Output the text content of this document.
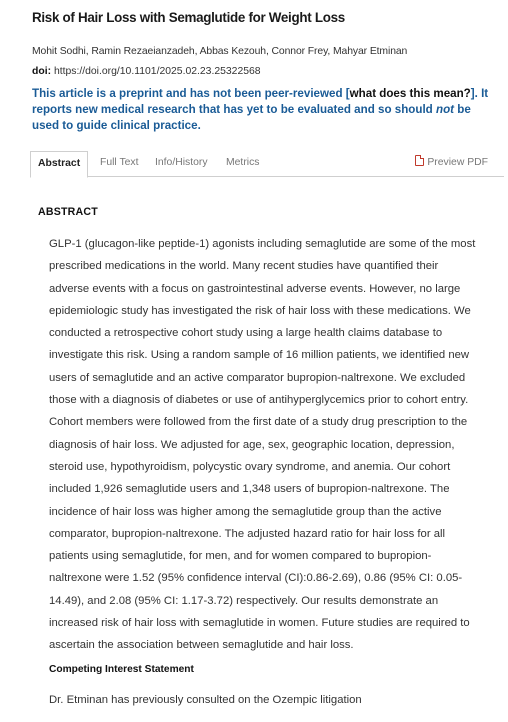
Risk of Hair Loss with Semaglutide for Weight Loss
Mohit Sodhi, Ramin Rezaeianzadeh, Abbas Kezouh, Connor Frey, Mahyar Etminan
doi: https://doi.org/10.1101/2025.02.23.25322568
This article is a preprint and has not been peer-reviewed [what does this mean?]. It reports new medical research that has yet to be evaluated and so should not be used to guide clinical practice.
Abstract	Full Text Info/History Metrics	Preview PDF
ABSTRACT
GLP-1 (glucagon-like peptide-1) agonists including semaglutide are some of the most
prescribed medications in the world. Many recent studies have quantified their
adverse events with a focus on gastrointestinal adverse events. However, no large
epidemiologic study has investigated the risk of hair loss with these medications. We
conducted a retrospective cohort study using a large health claims database to
investigate this risk. Using a random sample of 16 million patients, we identified new
users of semaglutide and an active comparator bupropion-naltrexone. We excluded
those with a diagnosis of diabetes or use of antihyperglycemics prior to cohort entry.
Cohort members were followed from the first date of a study drug prescription to the
diagnosis of hair loss. We adjusted for age, sex, geographic location, depression,
steroid use, hypothyroidism, polycystic ovary syndrome, and anemia. Our cohort
included 1,926 semaglutide users and 1,348 users of bupropion-naltrexone. The
incidence of hair loss was higher among the semaglutide group than the active
comparator, bupropion-naltrexone. The adjusted hazard ratio for hair loss for all
patients using semaglutide, for men, and for women compared to bupropion-
naltrexone were 1.52 (95% confidence interval (CI):0.86-2.69), 0.86 (95% CI: 0.05-
14.49), and 2.08 (95% CI: 1.17-3.72) respectively. Our results demonstrate an
increased risk of hair loss with semaglutide in women. Future studies are required to
ascertain the association between semaglutide and hair loss.
Competing Interest Statement
Dr. Etminan has previously consulted on the Ozempic litigation
